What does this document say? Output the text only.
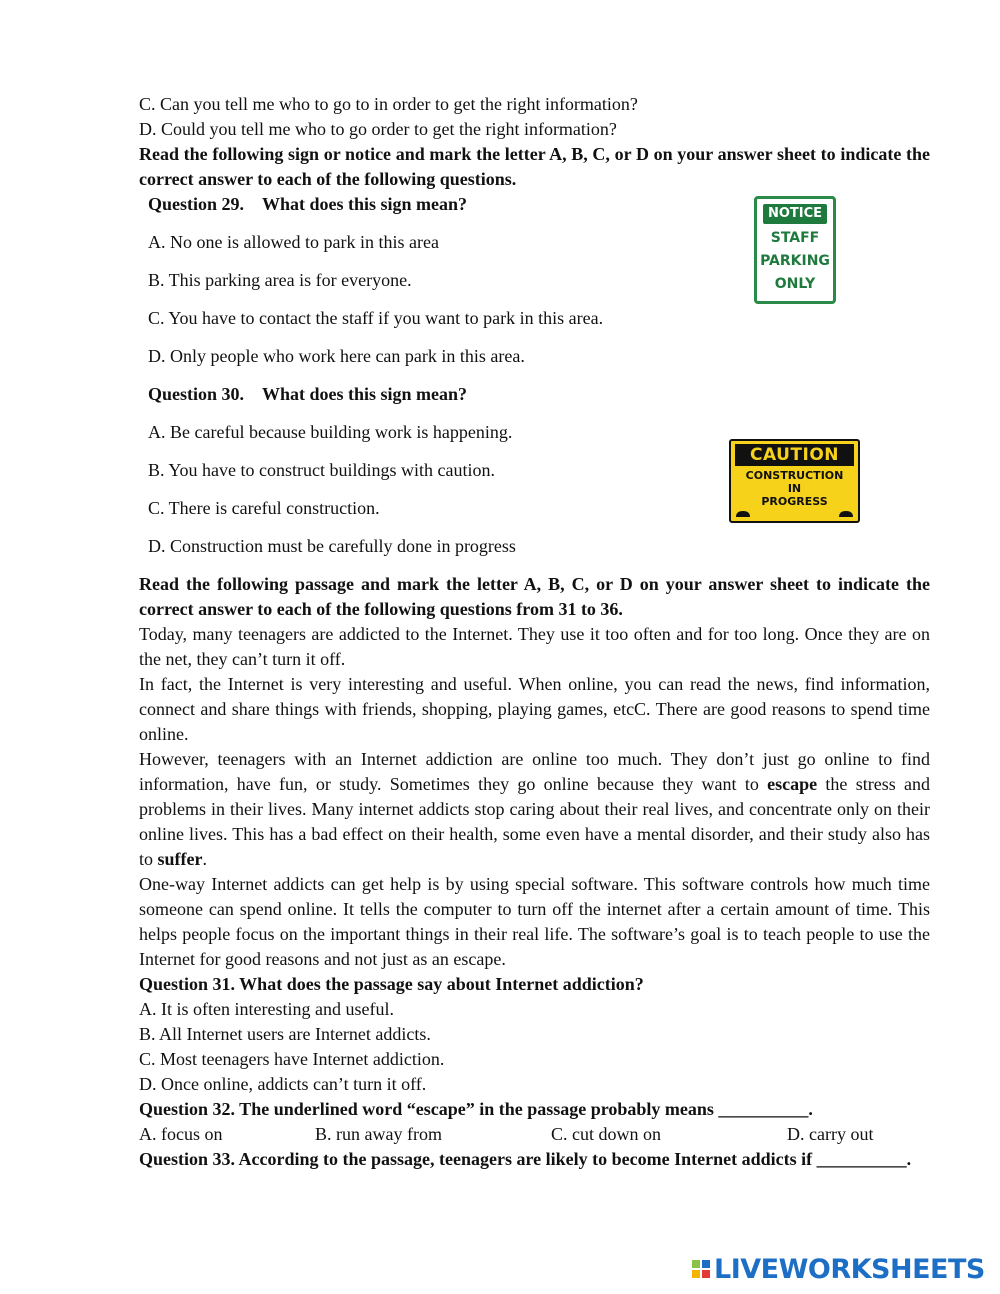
C. Can you tell me who to go to in order to get the right information?
D. Could you tell me who to go order to get the right information?
Read the following sign or notice and mark the letter A, B, C, or D on your answer sheet to indicate the correct answer to each of the following questions.
Question 29. What does this sign mean?
A. No one is allowed to park in this area
B. This parking area is for everyone.
C. You have to contact the staff if you want to park in this area.
D. Only people who work here can park in this area.
Question 30. What does this sign mean?
A. Be careful because building work is happening.
B. You have to construct buildings with caution.
C. There is careful construction.
D. Construction must be carefully done in progress
Read the following passage and mark the letter A, B, C, or D on your answer sheet to indicate the correct answer to each of the following questions from 31 to 36.
Today, many teenagers are addicted to the Internet. They use it too often and for too long. Once they are on the net, they can’t turn it off.
In fact, the Internet is very interesting and useful. When online, you can read the news, find information, connect and share things with friends, shopping, playing games, etcC. There are good reasons to spend time online.
However, teenagers with an Internet addiction are online too much. They don’t just go online to find information, have fun, or study. Sometimes they go online because they want to escape the stress and problems in their lives. Many internet addicts stop caring about their real lives, and concentrate only on their online lives. This has a bad effect on their health, some even have a mental disorder, and their study also has to suffer.
One-way Internet addicts can get help is by using special software. This software controls how much time someone can spend online. It tells the computer to turn off the internet after a certain amount of time. This helps people focus on the important things in their real life. The software’s goal is to teach people to use the Internet for good reasons and not just as an escape.
Question 31. What does the passage say about Internet addiction?
A. It is often interesting and useful.
B. All Internet users are Internet addicts.
C. Most teenagers have Internet addiction.
D. Once online, addicts can’t turn it off.
Question 32. The underlined word “escape” in the passage probably means __________.
A. focus on	B. run away from	C. cut down on	D. carry out
Question 33. According to the passage, teenagers are likely to become Internet addicts if __________.
NOTICE
STAFF
PARKING
ONLY
CAUTION
CONSTRUCTION
IN
PROGRESS
LIVEWORKSHEETS
